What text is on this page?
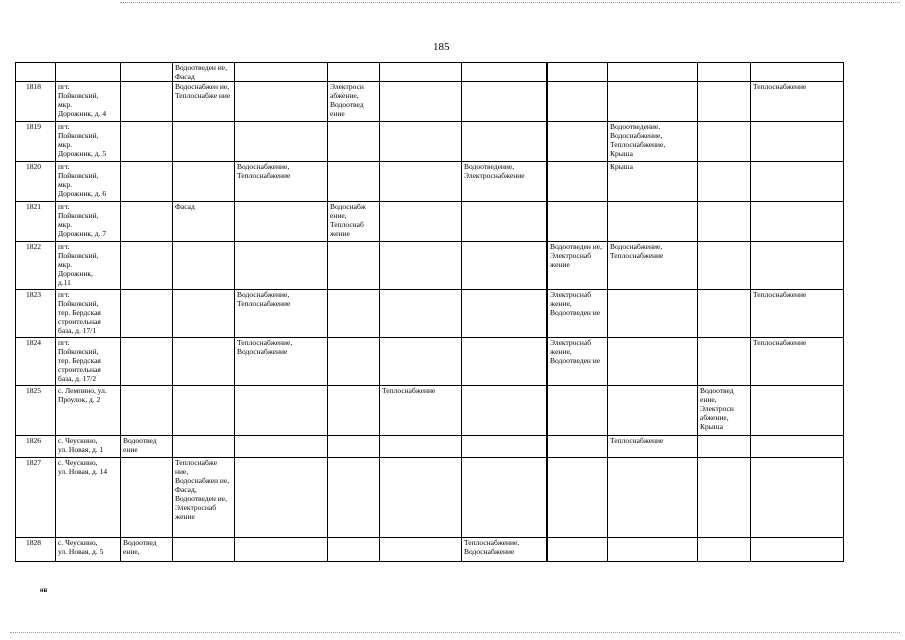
185
			Водоотведен ие, Фасад									
1818	пгт.
Пойковский,
мкр.
Дорожник, д. 4		Водоснабжен ие,
Теплоснабже ние		Электросн абжение,
Водоотвед ение							Теплоснабжение
1819	пгт.
Пойковский,
мкр.
Дорожник, д. 5									Водоотведение,
Водоснабжение,
Теплоснабжение,
Крыша		
1820	пгт.
Пойковский,
мкр.
Дорожник, д. 6			Водоснабжение,
Теплоснабжение			Водоотведение,
Электроснабжение			Крыша		
1821	пгт.
Пойковский,
мкр.
Дорожник, д. 7		Фасад		Водоснабж ение,
Теплоснаб жение							
1822	пгт.
Пойковский,
мкр.
Дорожник,
д.11								Водоотведен ие,
Электроснаб жение	Водоснабжение,
Теплоснабжение		
1823	пгт.
Пойковский,
тер. Бердская
строительная
база, д. 17/1			Водоснабжение,
Теплоснабжение					Электроснаб жение,
Водоотведен ие			Теплоснабжение
1824	пгт.
Пойковский,
тер. Бердская
строительная
база, д. 17/2			Теплоснабжение,
Водоснабжение					Электроснаб жение,
Водоотведен ие			Теплоснабжение
1825	с. Лемпино, ул.
Проулок, д. 2					Теплоснабжение					Водоотвед ение,
Электросн абжение,
Крыша	
1826	с. Чеускино,
ул. Новая, д. 1	Водоотвед ение								Теплоснабжение		
1827	с. Чеускино,
ул. Новая, д. 14		Теплоснабже ние,
Водоснабжен ие, Фасад,
Водоотведен ие,
Электроснаб жение									
1828	с. Чеускино,
ул. Новая, д. 5	Водоотвед ение,					Теплоснабжение,
Водоснабжение					
нв
